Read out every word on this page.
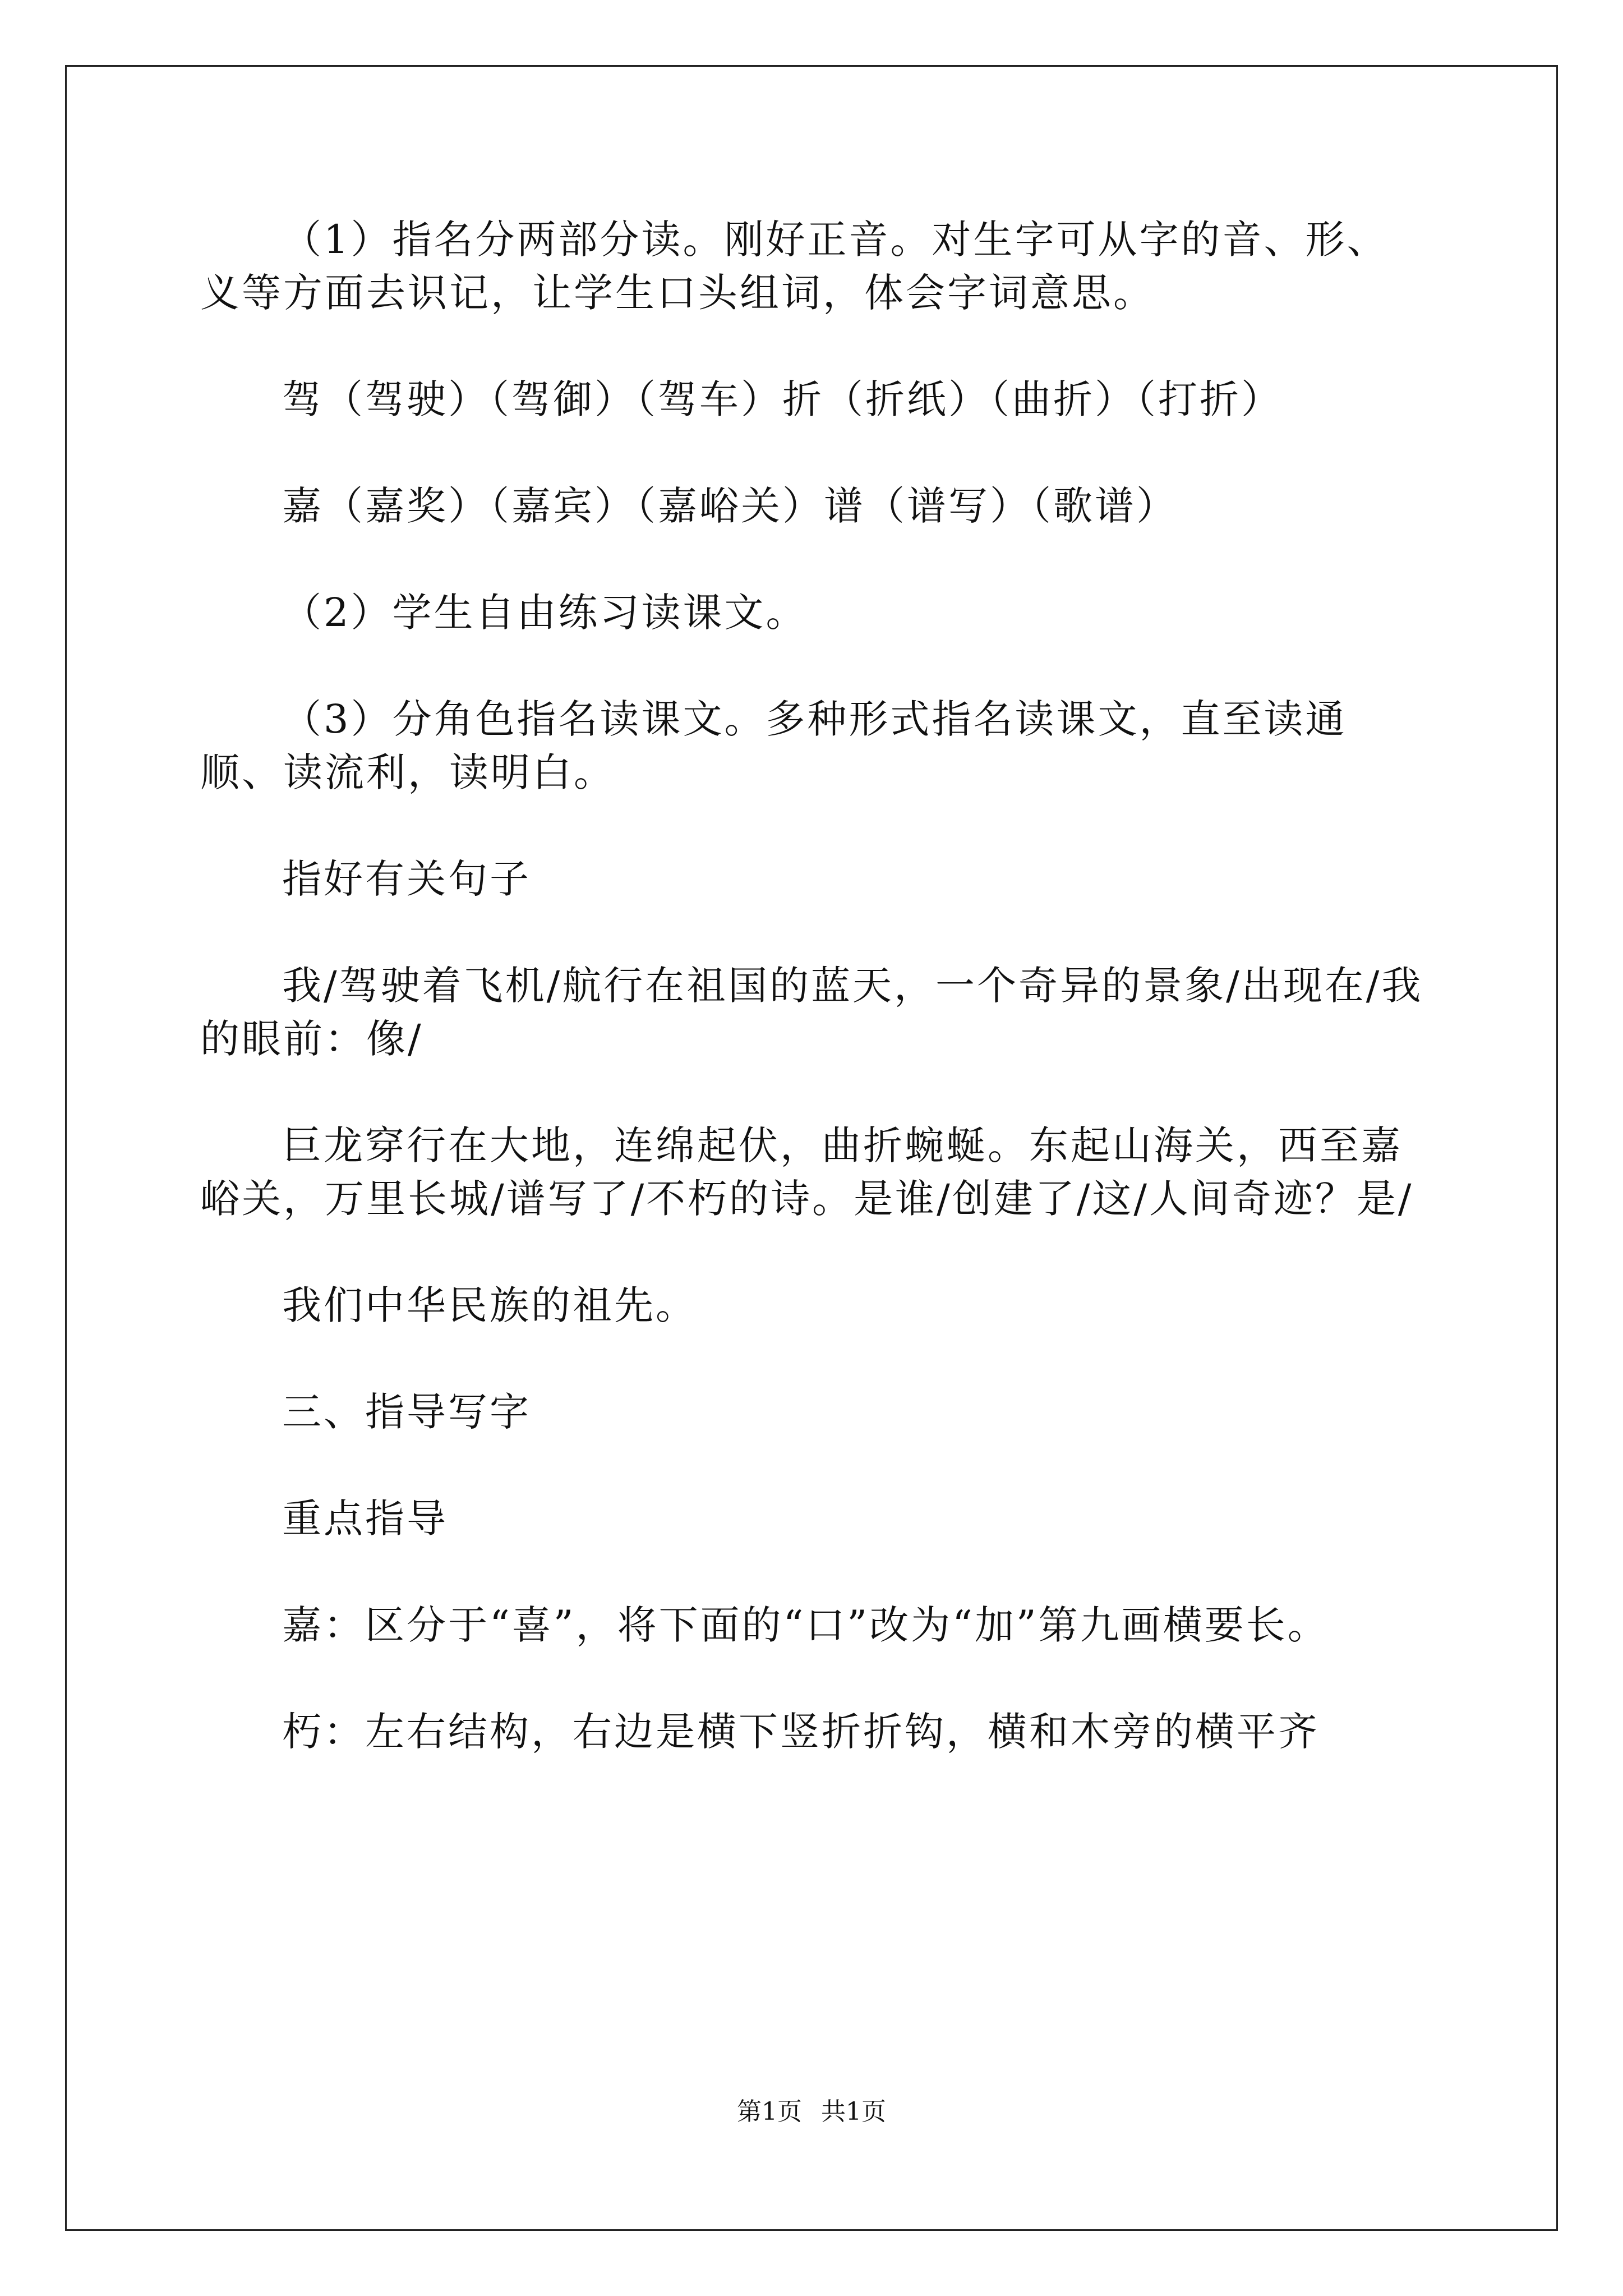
（1）指名分两部分读。刚好正音。对生字可从字的音、形、义等方面去识记，让学生口头组词，体会字词意思。

驾（驾驶）（驾御）（驾车）折（折纸）（曲折）（打折）

嘉（嘉奖）（嘉宾）（嘉峪关）谱（谱写）（歌谱）

（2）学生自由练习读课文。

（3）分角色指名读课文。多种形式指名读课文，直至读通顺、读流利，读明白。

指好有关句子

我/驾驶着飞机/航行在祖国的蓝天，一个奇异的景象/出现在/我的眼前：像/

巨龙穿行在大地，连绵起伏，曲折蜿蜒。东起山海关，西至嘉峪关，万里长城/谱写了/不朽的诗。是谁/创建了/这/人间奇迹？是/

我们中华民族的祖先。

三、指导写字

重点指导

嘉：区分于“喜”，将下面的“口”改为“加”第九画横要长。

朽：左右结构，右边是横下竖折折钩，横和木旁的横平齐

第1页 共1页
